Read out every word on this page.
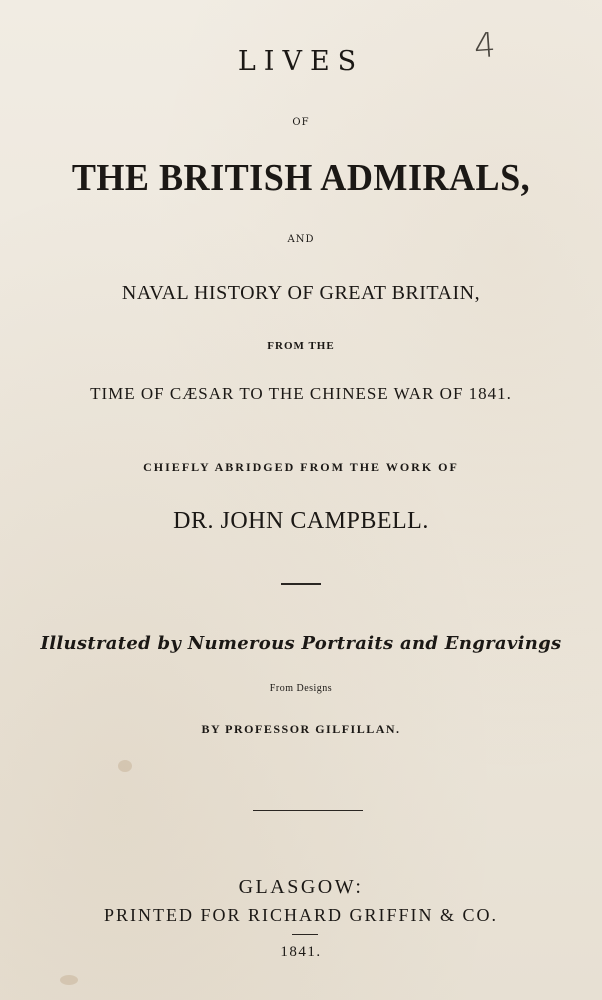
4
LIVES
OF
THE BRITISH ADMIRALS,
AND
NAVAL HISTORY OF GREAT BRITAIN,
FROM THE
TIME OF CÆSAR TO THE CHINESE WAR OF 1841.
CHIEFLY ABRIDGED FROM THE WORK OF
DR. JOHN CAMPBELL.
Illustrated by Numerous Portraits and Engravings
From Designs
BY PROFESSOR GILFILLAN.
GLASGOW:
PRINTED FOR RICHARD GRIFFIN & CO.
1841.
